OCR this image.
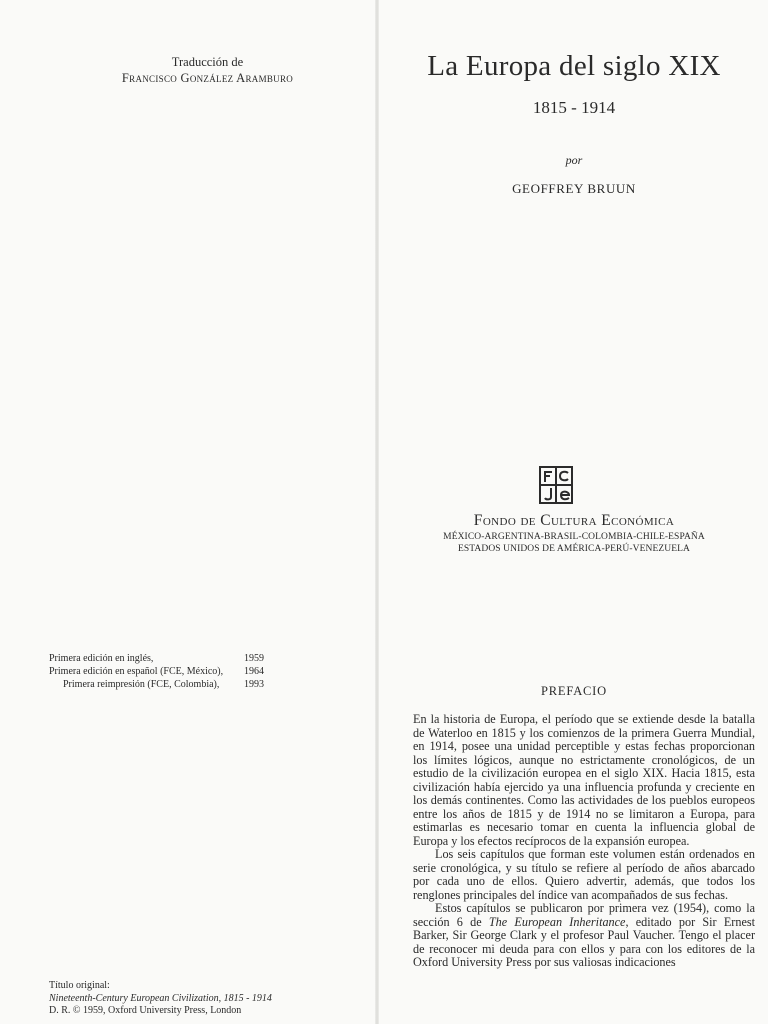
Traducción de
Francisco González Aramburo
Primera edición en inglés,	1959
Primera edición en español (FCE, México),	1964
Primera reimpresión (FCE, Colombia),	1993
Título original:
Nineteenth-Century European Civilization, 1815 - 1914
D. R. © 1959, Oxford University Press, London
La Europa del siglo XIX
1815 - 1914
por
GEOFFREY BRUUN
Fondo de Cultura Económica
MÉXICO-ARGENTINA-BRASIL-COLOMBIA-CHILE-ESPAÑA
ESTADOS UNIDOS DE AMÉRICA-PERÚ-VENEZUELA
PREFACIO

En la historia de Europa, el período que se extiende desde la batalla de Waterloo en 1815 y los comienzos de la primera Guerra Mundial, en 1914, posee una unidad perceptible y estas fechas proporcionan los límites lógicos, aunque no estrictamente cronológicos, de un estudio de la civilización europea en el siglo XIX. Hacia 1815, esta civilización había ejercido ya una influencia profunda y creciente en los demás continentes. Como las actividades de los pueblos europeos entre los años de 1815 y de 1914 no se limitaron a Europa, para estimarlas es necesario tomar en cuenta la influencia global de Europa y los efectos recíprocos de la expansión europea.

Los seis capítulos que forman este volumen están ordenados en serie cronológica, y su título se refiere al período de años abarcado por cada uno de ellos. Quiero advertir, además, que todos los renglones principales del índice van acompañados de sus fechas.

Estos capítulos se publicaron por primera vez (1954), como la sección 6 de The European Inheritance, editado por Sir Ernest Barker, Sir George Clark y el profesor Paul Vaucher. Tengo el placer de reconocer mi deuda para con ellos y para con los editores de la Oxford University Press por sus valiosas indicaciones
